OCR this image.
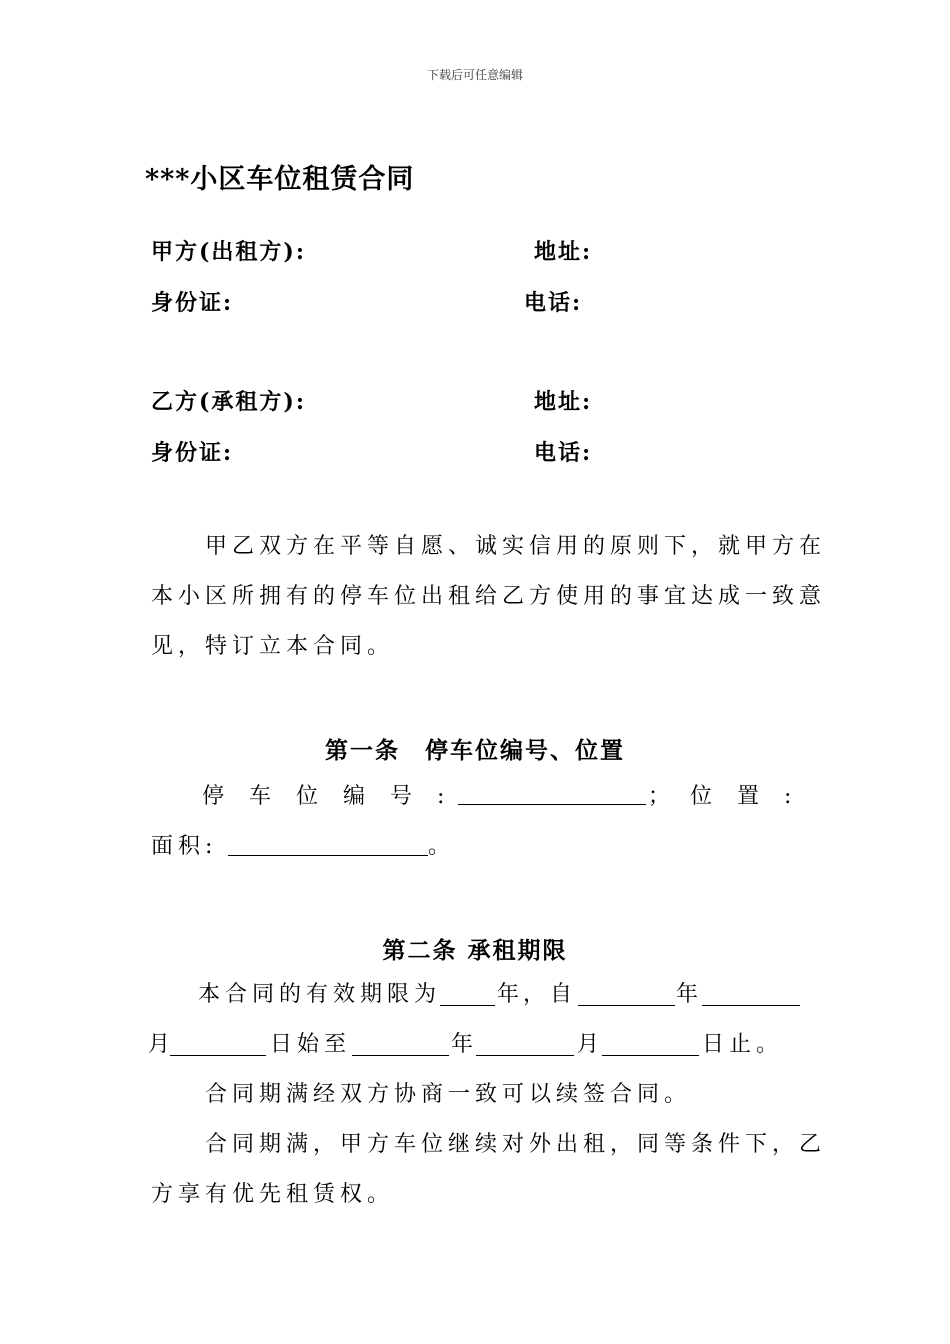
下载后可任意编辑
***小区车位租赁合同
甲方(出租方):	地址:
身份证:	电话:
乙方(承租方):	地址:
身份证:	电话:
甲乙双方在平等自愿、诚实信用的原则下，就甲方在
本小区所拥有的停车位出租给乙方使用的事宜达成一致意
见，特订立本合同。
第一条　停车位编号、位置
停车位编号:	； 位置:
面积:	。
第二条 承租期限
本合同的有效期限为	年
，自	年
月	日始至	年	月	日止。
合同期满经双方协商一致可以续签合同。
合同期满，甲方车位继续对外出租，同等条件下，乙
方享有优先租赁权。
